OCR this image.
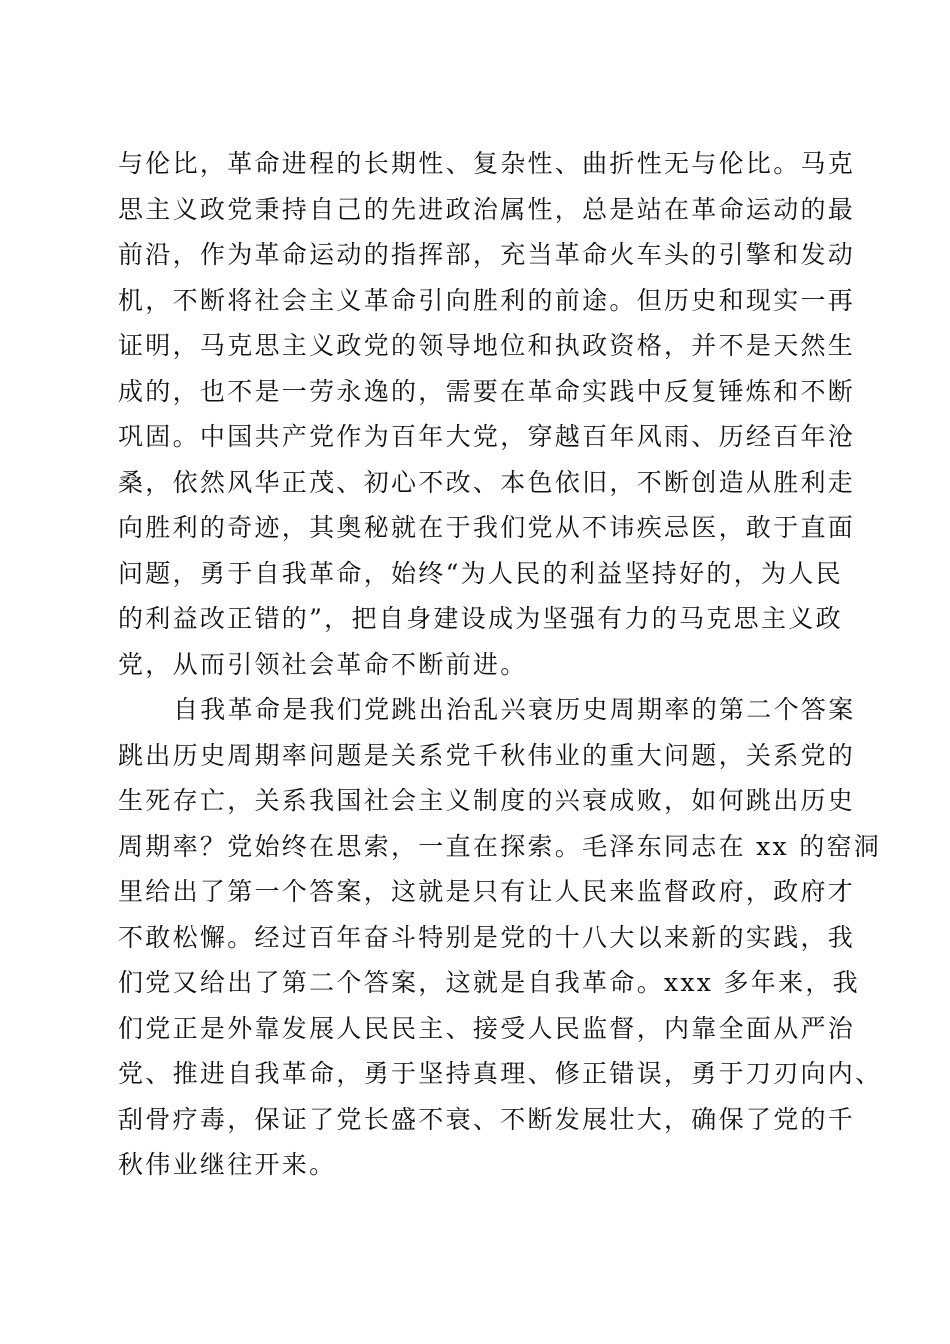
与伦比，革命进程的长期性、复杂性、曲折性无与伦比。马克
思主义政党秉持自己的先进政治属性，总是站在革命运动的最
前沿，作为革命运动的指挥部，充当革命火车头的引擎和发动
机，不断将社会主义革命引向胜利的前途。但历史和现实一再
证明，马克思主义政党的领导地位和执政资格，并不是天然生
成的，也不是一劳永逸的，需要在革命实践中反复锤炼和不断
巩固。中国共产党作为百年大党，穿越百年风雨、历经百年沧
桑，依然风华正茂、初心不改、本色依旧，不断创造从胜利走
向胜利的奇迹，其奥秘就在于我们党从不讳疾忌医，敢于直面
问题，勇于自我革命，始终“为人民的利益坚持好的，为人民
的利益改正错的”，把自身建设成为坚强有力的马克思主义政
党，从而引领社会革命不断前进。
自我革命是我们党跳出治乱兴衰历史周期率的第二个答案
跳出历史周期率问题是关系党千秋伟业的重大问题，关系党的
生死存亡，关系我国社会主义制度的兴衰成败，如何跳出历史
周期率？党始终在思索，一直在探索。毛泽东同志在 xx 的窑洞
里给出了第一个答案，这就是只有让人民来监督政府，政府才
不敢松懈。经过百年奋斗特别是党的十八大以来新的实践，我
们党又给出了第二个答案，这就是自我革命。xxx 多年来，我
们党正是外靠发展人民民主、接受人民监督，内靠全面从严治
党、推进自我革命，勇于坚持真理、修正错误，勇于刀刃向内、
刮骨疗毒，保证了党长盛不衰、不断发展壮大，确保了党的千
秋伟业继往开来。
